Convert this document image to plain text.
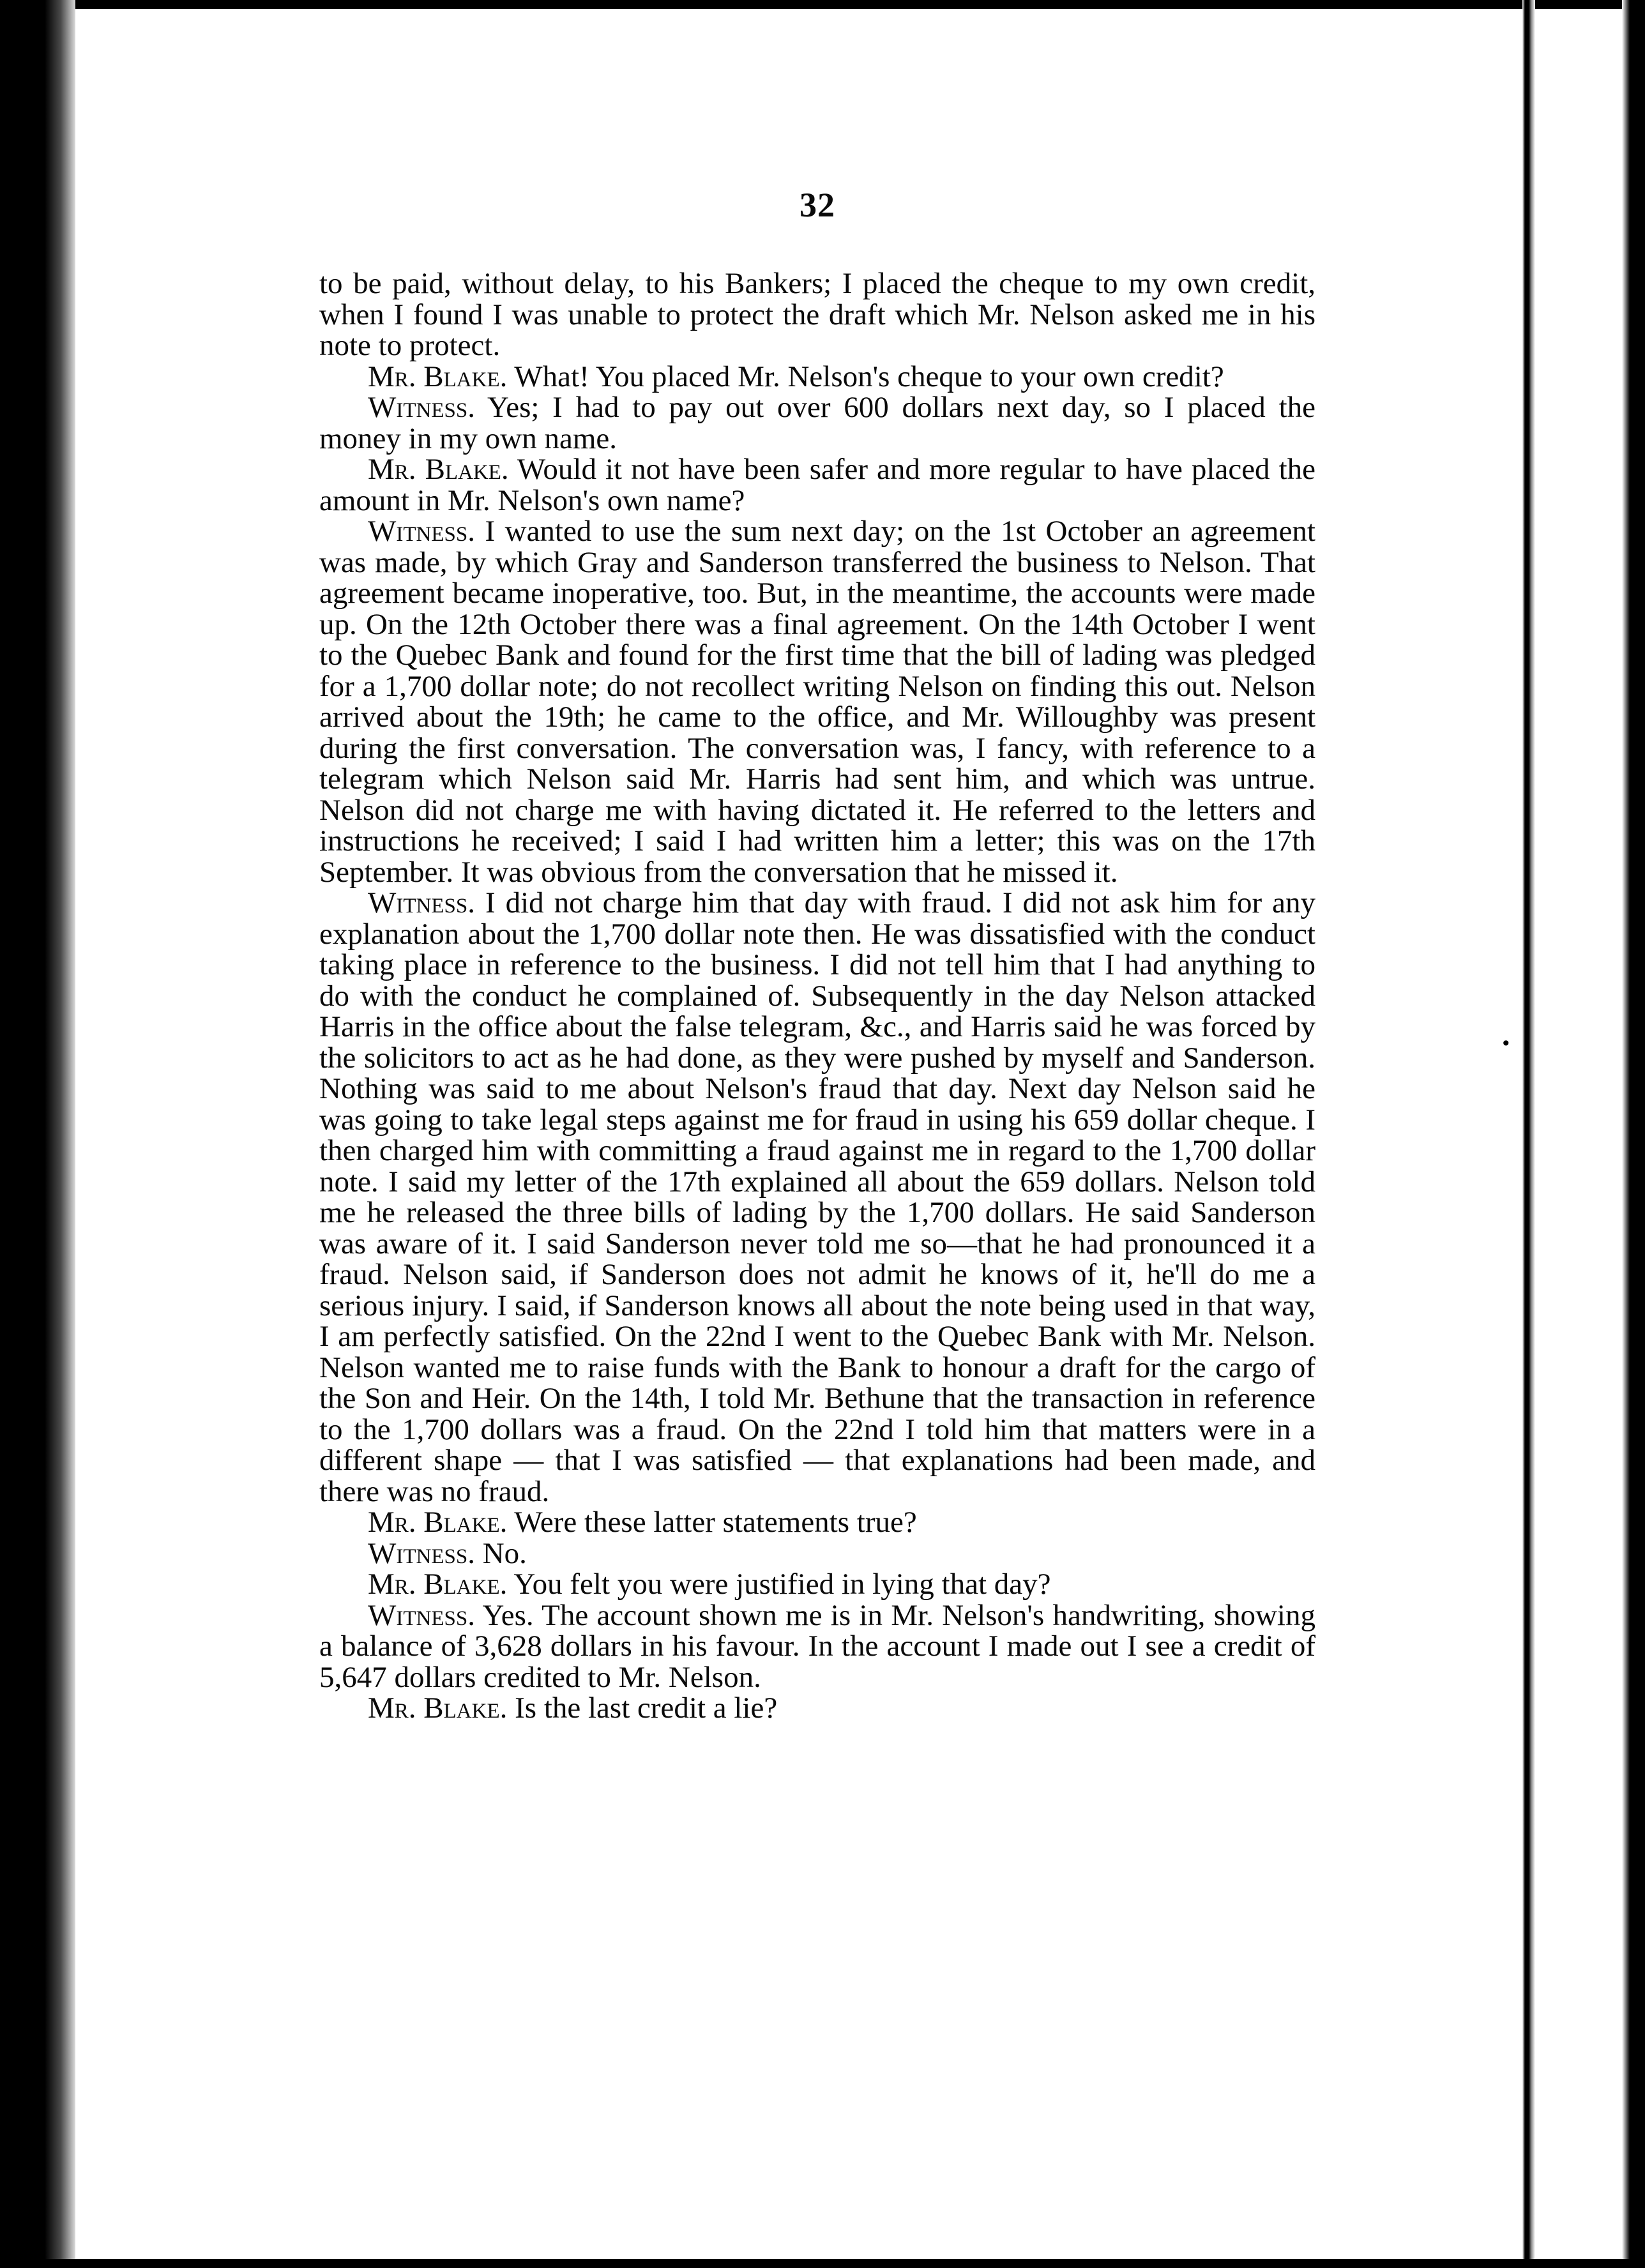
•
32

to be paid, without delay, to his Bankers; I placed the cheque to my own credit, when I found I was unable to protect the draft which Mr. Nelson asked me in his note to protect.

Mr. Blake. What! You placed Mr. Nelson's cheque to your own credit?

Witness. Yes; I had to pay out over 600 dollars next day, so I placed the money in my own name.

Mr. Blake. Would it not have been safer and more regular to have placed the amount in Mr. Nelson's own name?

Witness. I wanted to use the sum next day; on the 1st October an agreement was made, by which Gray and Sanderson transferred the business to Nelson. That agreement became inoperative, too. But, in the meantime, the accounts were made up. On the 12th October there was a final agreement. On the 14th October I went to the Quebec Bank and found for the first time that the bill of lading was pledged for a 1,700 dollar note; do not recollect writing Nelson on finding this out. Nelson arrived about the 19th; he came to the office, and Mr. Willoughby was present during the first conversation. The conversation was, I fancy, with reference to a telegram which Nelson said Mr. Harris had sent him, and which was untrue. Nelson did not charge me with having dictated it. He referred to the letters and instructions he received; I said I had written him a letter; this was on the 17th September. It was obvious from the conversation that he missed it.

Witness. I did not charge him that day with fraud. I did not ask him for any explanation about the 1,700 dollar note then. He was dissatisfied with the conduct taking place in reference to the business. I did not tell him that I had anything to do with the conduct he complained of. Subsequently in the day Nelson attacked Harris in the office about the false telegram, &c., and Harris said he was forced by the solicitors to act as he had done, as they were pushed by myself and Sanderson. Nothing was said to me about Nelson's fraud that day. Next day Nelson said he was going to take legal steps against me for fraud in using his 659 dollar cheque. I then charged him with committing a fraud against me in regard to the 1,700 dollar note. I said my letter of the 17th explained all about the 659 dollars. Nelson told me he released the three bills of lading by the 1,700 dollars. He said Sanderson was aware of it. I said Sanderson never told me so—that he had pronounced it a fraud. Nelson said, if Sanderson does not admit he knows of it, he'll do me a serious injury. I said, if Sanderson knows all about the note being used in that way, I am perfectly satisfied. On the 22nd I went to the Quebec Bank with Mr. Nelson. Nelson wanted me to raise funds with the Bank to honour a draft for the cargo of the Son and Heir. On the 14th, I told Mr. Bethune that the transaction in reference to the 1,700 dollars was a fraud. On the 22nd I told him that matters were in a different shape — that I was satisfied — that explanations had been made, and there was no fraud.

Mr. Blake. Were these latter statements true?

Witness. No.

Mr. Blake. You felt you were justified in lying that day?

Witness. Yes. The account shown me is in Mr. Nelson's handwriting, showing a balance of 3,628 dollars in his favour. In the account I made out I see a credit of 5,647 dollars credited to Mr. Nelson.

Mr. Blake. Is the last credit a lie?
